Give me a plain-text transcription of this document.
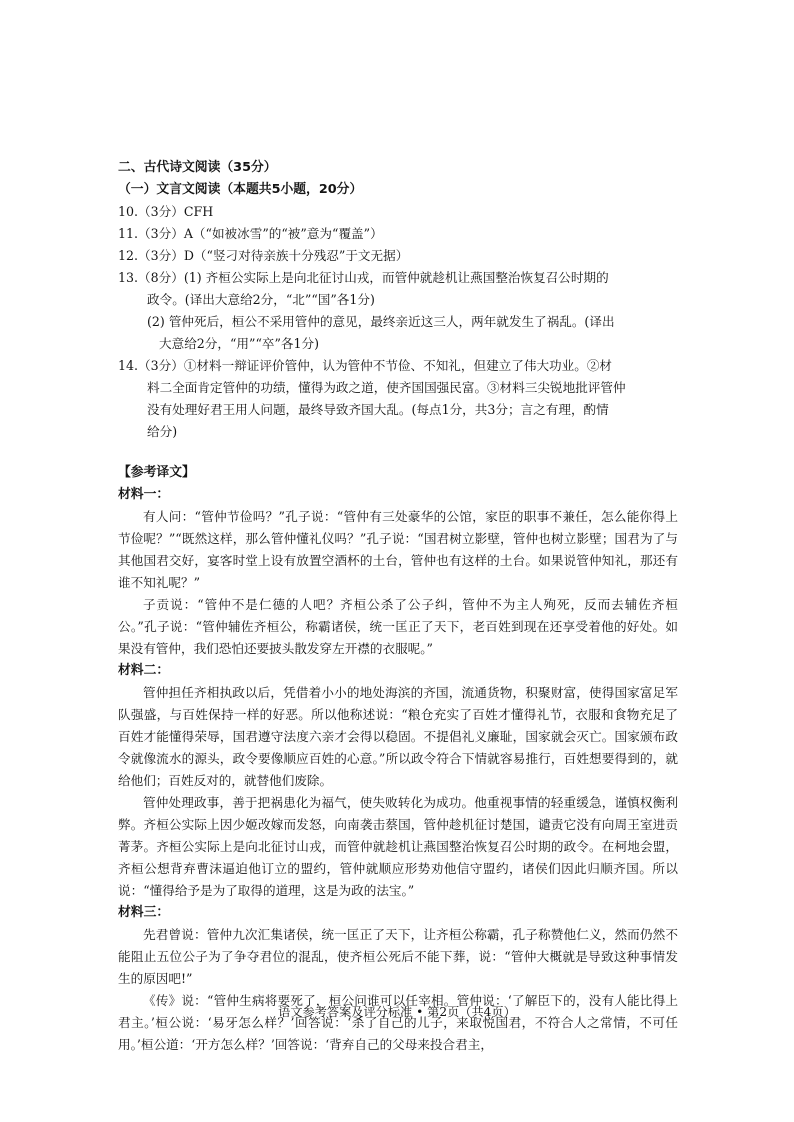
二、古代诗文阅读（35分）

（一）文言文阅读（本题共5小题，20分）

10.（3分）CFH

11.（3分）A（“如被冰雪”的“被”意为“覆盖”）

12.（3分）D（“竖刁对待亲族十分残忍”于文无据）

13.（8分）(1) 齐桓公实际上是向北征讨山戎，而管仲就趁机让燕国整治恢复召公时期的

政令。(译出大意给2分，“北”“国”各1分)

(2) 管仲死后，桓公不采用管仲的意见，最终亲近这三人，两年就发生了祸乱。(译出

大意给2分，“用”“卒”各1分)

14.（3分）①材料一辩证评价管仲，认为管仲不节俭、不知礼，但建立了伟大功业。②材

料二全面肯定管仲的功绩，懂得为政之道，使齐国国强民富。③材料三尖锐地批评管仲

没有处理好君王用人问题，最终导致齐国大乱。(每点1分，共3分；言之有理，酌情

给分)

【参考译文】

材料一：

有人问：“管仲节俭吗？”孔子说：“管仲有三处豪华的公馆，家臣的职事不兼任，怎么能你得上节俭呢？”“既然这样，那么管仲懂礼仪吗？”孔子说：“国君树立影壁，管仲也树立影壁；国君为了与其他国君交好，宴客时堂上设有放置空酒杯的土台，管仲也有这样的土台。如果说管仲知礼，那还有谁不知礼呢？”

子贡说：“管仲不是仁德的人吧？齐桓公杀了公子纠，管仲不为主人殉死，反而去辅佐齐桓公。”孔子说：“管仲辅佐齐桓公，称霸诸侯，统一匡正了天下，老百姓到现在还享受着他的好处。如果没有管仲，我们恐怕还要披头散发穿左开襟的衣服呢。”

材料二：

管仲担任齐相执政以后，凭借着小小的地处海滨的齐国，流通货物，积聚财富，使得国家富足军队强盛，与百姓保持一样的好恶。所以他称述说：“粮仓充实了百姓才懂得礼节，衣服和食物充足了百姓才能懂得荣辱，国君遵守法度六亲才会得以稳固。不提倡礼义廉耻，国家就会灭亡。国家颁布政令就像流水的源头，政令要像顺应百姓的心意。”所以政令符合下情就容易推行，百姓想要得到的，就给他们；百姓反对的，就替他们废除。

管仲处理政事，善于把祸患化为福气，使失败转化为成功。他重视事情的轻重缓急，谨慎权衡利弊。齐桓公实际上因少姬改嫁而发怒，向南袭击蔡国，管仲趁机征讨楚国，谴责它没有向周王室进贡菁茅。齐桓公实际上是向北征讨山戎，而管仲就趁机让燕国整治恢复召公时期的政令。在柯地会盟，齐桓公想背弃曹沫逼迫他订立的盟约，管仲就顺应形势劝他信守盟约，诸侯们因此归顺齐国。所以说：“懂得给予是为了取得的道理，这是为政的法宝。”

材料三：

先君曾说：管仲九次汇集诸侯，统一匡正了天下，让齐桓公称霸，孔子称赞他仁义，然而仍然不能阻止五位公子为了争夺君位的混乱，使齐桓公死后不能下葬，说：“管仲大概就是导致这种事情发生的原因吧!”

《传》说：“管仲生病将要死了，桓公问谁可以任宰相。管仲说：‘了解臣下的，没有人能比得上君主。’桓公说：‘易牙怎么样？’回答说：‘杀了自己的儿子，来取悦国君，不符合人之常情，不可任用。’桓公道：‘开方怎么样？’回答说：‘背弃自己的父母来投合君主，

语文参考答案及评分标准 • 第2页（共4页）
